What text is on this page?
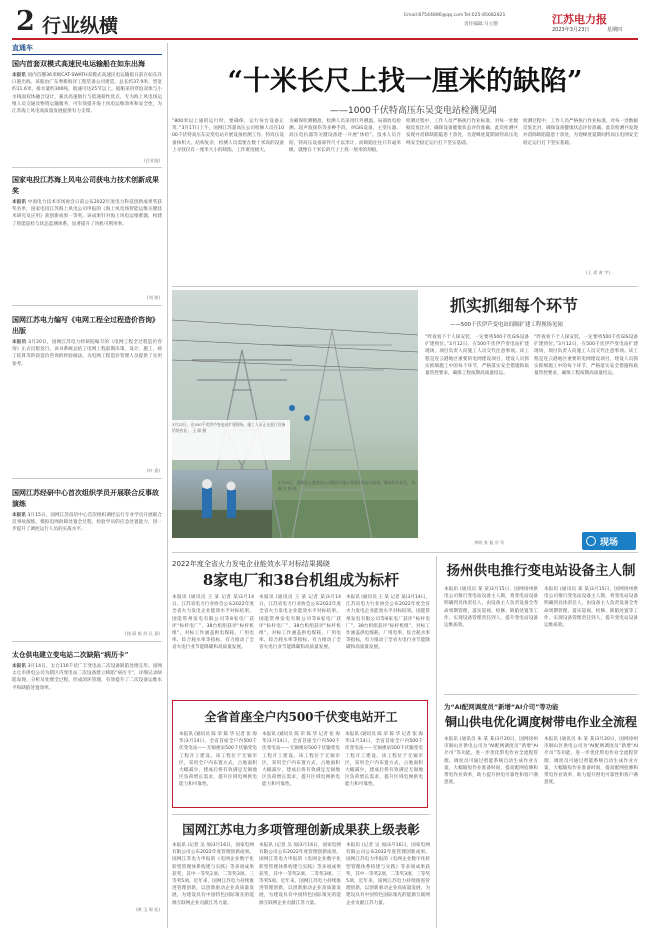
2 行业纵横	Email:87544886@qq.com Tel:025-85682821
责任编辑:马立德	江苏电力报
2023年3月23日	星期四
直通车
国内首套双模式高速民电运输船在如东出海
本报讯 国内首艘36米级CAT-SWATH双模式高速民电运输船日前在如东洋口港出海。该船由广东粤新海洋工程装备公司建造，总长约37.9米、型宽约11.6米，排水量约300吨，航速可达25节以上。船舶采用穿浪双体与小水线面双体融合设计，兼具高速航行与低速稳性优点，专为海上风电场运维人员交通及物资运输服务，可有效提升海上风电运维效率和安全性，为江苏海上风电高质量发展提供有力支撑。
(任业旭)
国家电投江苏海上风电公司获电力技术创新成果奖
本报讯 中国电力技术市场协会日前公布2022年度电力科技创新成果奖获奖名单，国家电投江苏海上风电公司申报的《海上风电场智能运维关键技术研究及应用》获创新成果一等奖。该成果针对海上风电运维难题，构建了智能巡检与状态监测体系，显著提升了风机可利用率。
(刘 果)
国网江苏电力编写《电网工程全过程造价咨询》出版
本报讯 3月20日，国网江苏电力经研院编写的《电网工程全过程造价咨询》正式出版发行。该书系统总结了电网工程前期决策、设计、施工、竣工结算等阶段造价咨询的经验做法，为电网工程造价管理人员提供了实用参考。
(叶 嘉)
国网江苏经研中心首次组织学员开展联合反事故演练
本报讯 3月15日，国网江苏技培中心首次组织调控运行专业学员开展联合反事故演练，模拟电网故障处置全过程，检验学员的应急处置能力，进一步提升了调控运行人员的实战水平。
(钱 蔚 陈 苏 孔 嘉)
太仓供电建立变电站二次缺陷“病历卡”
本报讯 3月14日，太仓110千伏广丰变电站二次设备缺陷处理完毕。国网太仓市供电公司为辖区内变电站二次设备建立缺陷“病历卡”，详细记录缺陷发现、分析及处理全过程，形成闭环管理，有效提升了二次设备运维水平和缺陷处置效率。
(黄 玉 周 佳)
“十米长尺上找一厘米的缺陷”
——1000千伏特高压东吴变电站检测见闻
“800米以上通的运行时，要确保，运行每台设备正常。”3月17日上午，国网江苏超高压公司检修人员在1000千伏特高压东吴变电站开展设备检测工作。特高压设备体积大、结构复杂，检测人员需要在数十米高的设备上寻找仅有一厘米大小的缺陷，工作难度极大。
为确保检测精准，检测人员采用红外测温、局部放电检测、超声波探伤等多种手段，对GIS设备、主变压器、高压电抗器等关键设备逐一开展“体检”。技术人员介绍，特高压设备部件尺寸以米计，而缺陷往往只有毫米级，就像在十米长的尺子上找一厘米的刻痕。
检测过程中，工作人员严格执行作业标准，对每一处数据反复比对，确保设备健康状态评价准确。此次检测共发现并消除缺陷隐患十余处，为迎峰度夏期间特高压电网安全稳定运行打下坚实基础。
检测过程中，工作人员严格执行作业标准，对每一处数据反复比对，确保设备健康状态评价准确。此次检测共发现并消除缺陷隐患十余处，为迎峰度夏期间特高压电网安全稳定运行打下坚实基础。
(王 爱 黄 宇)
3月22日，在500千伏伊芦变电站扩建现场，施工人员正在进行设备吊装作业。 王 闻 摄
3月20日，国网连云港供电公司组织对施工现场开展安全检查，确保作业安全。 杜 颖 吴 海 摄
抓实抓细每个环节
——500千伏伊芦变电站间隔扩建工程现场见闻
“昨夜看下个人探安装，一定要将500千伏GIS设备扩建到位。”3月12日，在500千伏伊芦变电站扩建现场，项目负责人向施工人员交代注意事项。该工程是连云港地区重要的电网建设项目，建设人员抓实抓细施工中的每个环节，严格落实安全措施和质量管控要求，确保工程按期高质量投运。
“昨夜看下个人探安装，一定要将500千伏GIS设备扩建到位。”3月12日，在500千伏伊芦变电站扩建现场，项目负责人向施工人员交代注意事项。该工程是连云港地区重要的电网建设项目，建设人员抓实抓细施工中的每个环节，严格落实安全措施和质量管控要求，确保工程按期高质量投运。
李明 张 振 宗 军	现场
2022年度全省火力发电企业能效水平对标结果揭晓
8家电厂和38台机组成为标杆
本报讯 (通讯员 王 某 记者 某)3月14日，江苏省电力行业协会公布2022年度全省火力发电企业能效水平对标结果。国能常州发电有限公司等8家电厂获评“标杆电厂”，38台机组获评“标杆机组”。对标工作涵盖供电煤耗、厂用电率、综合耗水率等指标，有力推动了全省火电行业节能降碳和高质量发展。
本报讯 (通讯员 王 某 记者 某)3月14日，江苏省电力行业协会公布2022年度全省火力发电企业能效水平对标结果。国能常州发电有限公司等8家电厂获评“标杆电厂”，38台机组获评“标杆机组”。对标工作涵盖供电煤耗、厂用电率、综合耗水率等指标，有力推动了全省火电行业节能降碳和高质量发展。
本报讯 (通讯员 王 某 记者 某)3月14日，江苏省电力行业协会公布2022年度全省火力发电企业能效水平对标结果。国能常州发电有限公司等8家电厂获评“标杆电厂”，38台机组获评“标杆机组”。对标工作涵盖供电煤耗、厂用电率、综合耗水率等指标，有力推动了全省火电行业节能降碳和高质量发展。
全省首座全户内500千伏变电站开工
本报讯 (通讯员 陈 荣 陈 华 记者 张 海 华)3月14日，全省首座全户内500千伏变电站——无锡惠泉500千伏输变电工程开工建设。该工程位于无锡市区，采用全户内布置方式，占地面积大幅减少，建成后将有效满足无锡地区负荷增长需求，提升区域电网供电能力和可靠性。
本报讯 (通讯员 陈 荣 陈 华 记者 张 海 华)3月14日，全省首座全户内500千伏变电站——无锡惠泉500千伏输变电工程开工建设。该工程位于无锡市区，采用全户内布置方式，占地面积大幅减少，建成后将有效满足无锡地区负荷增长需求，提升区域电网供电能力和可靠性。
本报讯 (通讯员 陈 荣 陈 华 记者 张 海 华)3月14日，全省首座全户内500千伏变电站——无锡惠泉500千伏输变电工程开工建设。该工程位于无锡市区，采用全户内布置方式，占地面积大幅减少，建成后将有效满足无锡地区负荷增长需求，提升区域电网供电能力和可靠性。
国网江苏电力多项管理创新成果获上级表彰
本报讯 (记者 吴 加)3月16日，国家电网有限公司公布2022年度管理创新成果。国网江苏电力申报的《电网企业数字化转型管理体系构建与实践》等多项成果获奖，其中一等奖2项、二等奖3项、三等奖5项。近年来，国网江苏电力持续推进管理创新，以创新驱动企业高质量发展，为建设具有中国特色国际领先的能源互联网企业贡献江苏力量。
本报讯 (记者 吴 加)3月16日，国家电网有限公司公布2022年度管理创新成果。国网江苏电力申报的《电网企业数字化转型管理体系构建与实践》等多项成果获奖，其中一等奖2项、二等奖3项、三等奖5项。近年来，国网江苏电力持续推进管理创新，以创新驱动企业高质量发展，为建设具有中国特色国际领先的能源互联网企业贡献江苏力量。
本报讯 (记者 吴 加)3月16日，国家电网有限公司公布2022年度管理创新成果。国网江苏电力申报的《电网企业数字化转型管理体系构建与实践》等多项成果获奖，其中一等奖2项、二等奖3项、三等奖5项。近年来，国网江苏电力持续推进管理创新，以创新驱动企业高质量发展，为建设具有中国特色国际领先的能源互联网企业贡献江苏力量。
扬州供电推行变电站设备主人制
本报讯 (通讯员 某 某)3月15日，国网扬州供电公司推行变电站设备主人制，将变电站设备明确到具体责任人，由设备主人负责设备全寿命周期管理，落实巡视、检修、缺陷处置等工作，实现设备管理责任到人，提升变电站设备运维质效。
本报讯 (通讯员 某 某)3月15日，国网扬州供电公司推行变电站设备主人制，将变电站设备明确到具体责任人，由设备主人负责设备全寿命周期管理，落实巡视、检修、缺陷处置等工作，实现设备管理责任到人，提升变电站设备运维质效。
为“AI配网调度员”新增“AI介司”等功能
铜山供电优化调度树带电作业全流程
本报讯 (通讯员 朱 某 某)3月20日，国网徐州市铜山区供电公司为“AI配网调度员”新增“AI介司”等功能，进一步优化带电作业全流程管理。调度员可通过智能系统自动生成作业方案，大幅缩短作业准备时间，提高配网抢修和带电作业效率，助力提升供电可靠性和客户满意度。
本报讯 (通讯员 朱 某 某)3月20日，国网徐州市铜山区供电公司为“AI配网调度员”新增“AI介司”等功能，进一步优化带电作业全流程管理。调度员可通过智能系统自动生成作业方案，大幅缩短作业准备时间，提高配网抢修和带电作业效率，助力提升供电可靠性和客户满意度。
